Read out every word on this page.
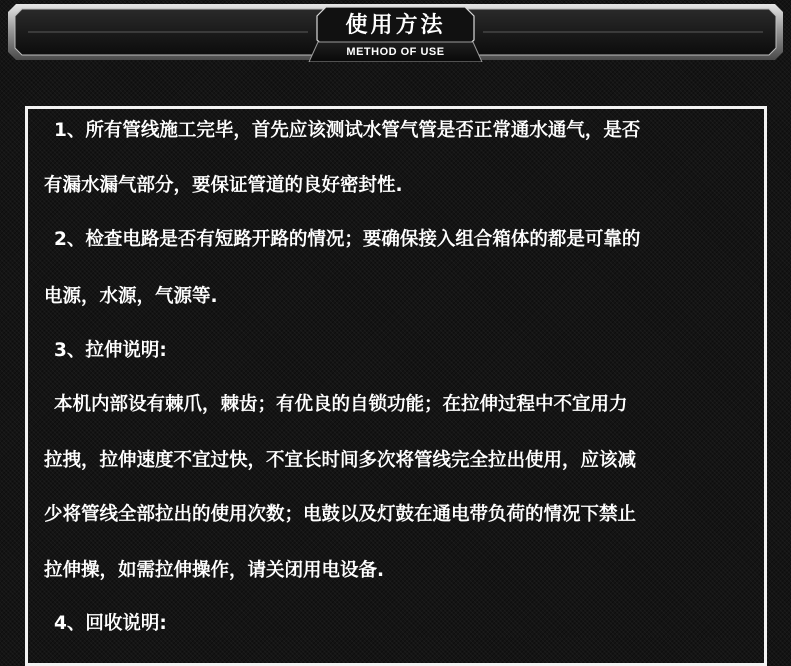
使用方法
METHOD OF USE

1、所有管线施工完毕，首先应该测试水管气管是否正常通水通气，是否

有漏水漏气部分，要保证管道的良好密封性.

2、检查电路是否有短路开路的情况；要确保接入组合箱体的都是可靠的

电源，水源，气源等.

3、拉伸说明:

本机内部设有棘爪，棘齿；有优良的自锁功能；在拉伸过程中不宜用力

拉拽，拉伸速度不宜过快，不宜长时间多次将管线完全拉出使用，应该减

少将管线全部拉出的使用次数；电鼓以及灯鼓在通电带负荷的情况下禁止

拉伸操，如需拉伸操作，请关闭用电设备.

4、回收说明:
